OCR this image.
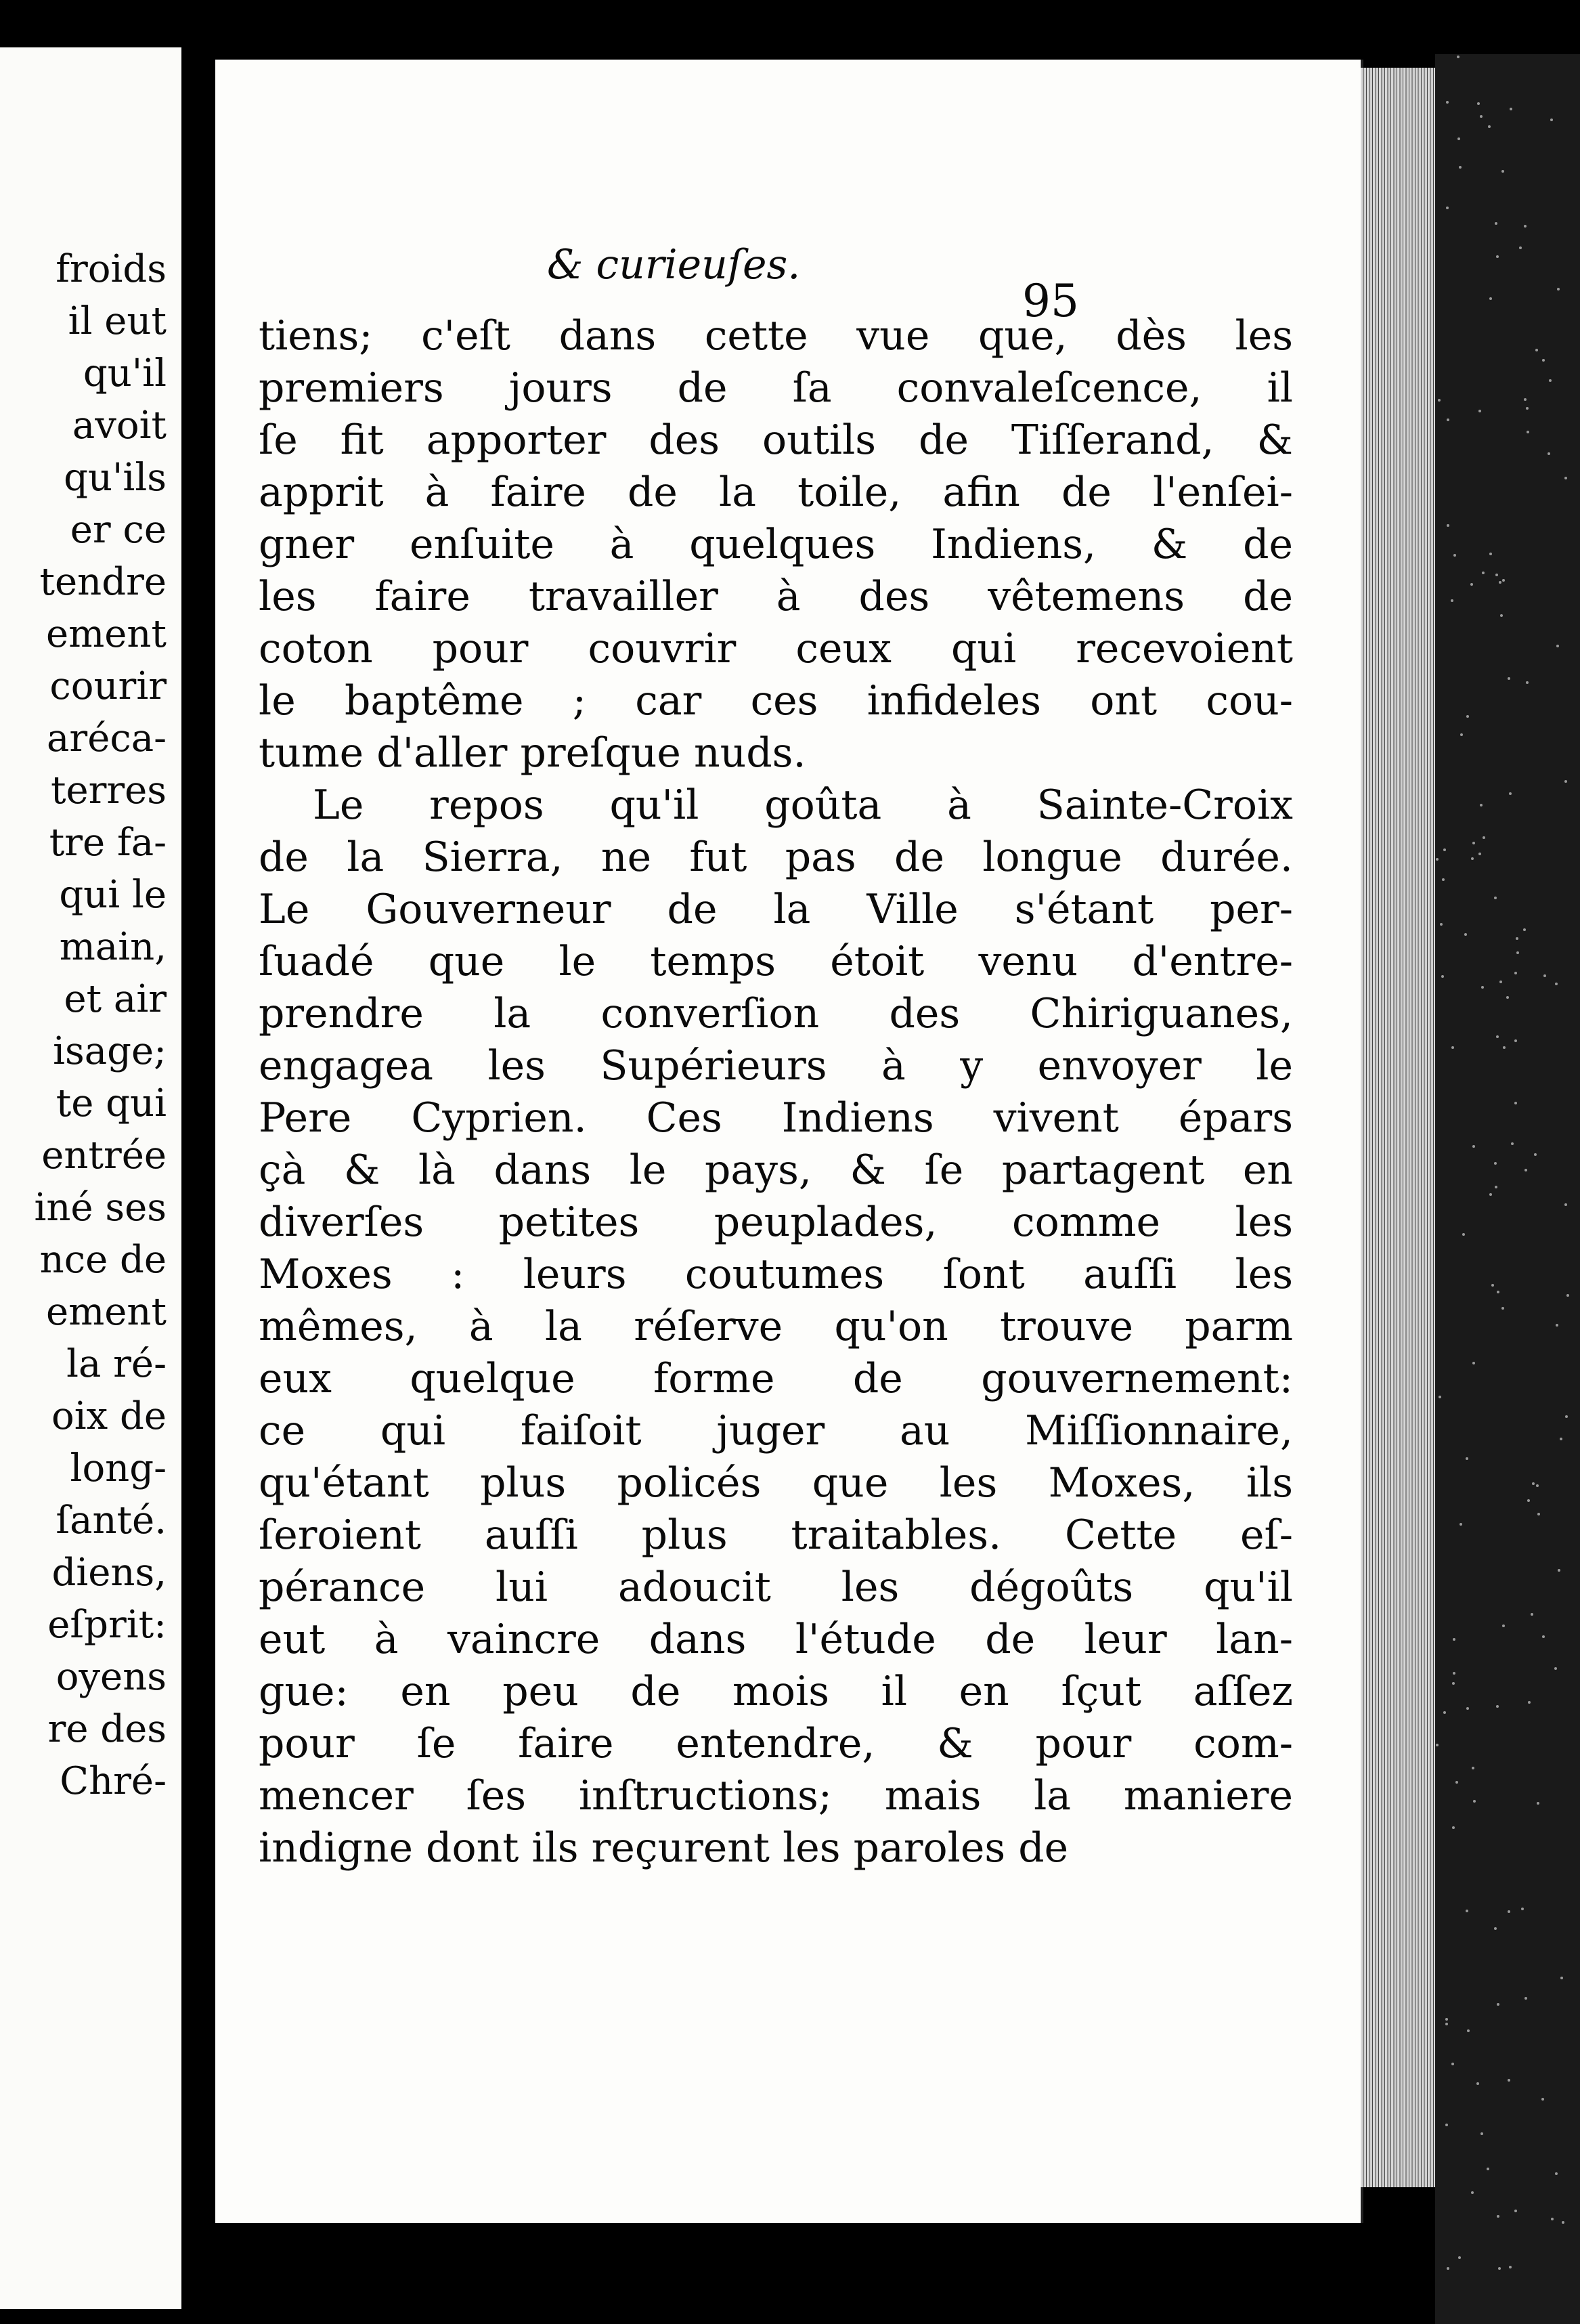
froids
il eut
qu'il
avoit
qu'ils
er ce
tendre
ement
courir
aréca-
terres
tre fa-
qui le
main,
et air
isage;
te qui
entrée
iné ses
nce de
ement
la ré-
oix de
long-
ſanté.
diens,
eſprit:
oyens
re des
Chré-
& curieuſes.
95
tiens; c'eſt dans cette vue que, dès les
premiers jours de ſa convaleſcence, il
ſe fit apporter des outils de Tiſſerand, &
apprit à faire de la toile, afin de l'enſei-
gner enſuite à quelques Indiens, & de
les faire travailler à des vêtemens de
coton pour couvrir ceux qui recevoient
le baptême ; car ces infideles ont cou-
tume d'aller preſque nuds.
Le repos qu'il goûta à Sainte-Croix
de la Sierra, ne fut pas de longue durée.
Le Gouverneur de la Ville s'étant per-
ſuadé que le temps étoit venu d'entre-
prendre la converſion des Chiriguanes,
engagea les Supérieurs à y envoyer le
Pere Cyprien. Ces Indiens vivent épars
çà & là dans le pays, & ſe partagent en
diverſes petites peuplades, comme les
Moxes : leurs coutumes ſont auſſi les
mêmes, à la réſerve qu'on trouve parm
eux quelque forme de gouvernement:
ce qui faiſoit juger au Miſſionnaire,
qu'étant plus policés que les Moxes, ils
ſeroient auſſi plus traitables. Cette eſ-
pérance lui adoucit les dégoûts qu'il
eut à vaincre dans l'étude de leur lan-
gue: en peu de mois il en ſçut aſſez
pour ſe faire entendre, & pour com-
mencer ſes inſtructions; mais la maniere
indigne dont ils reçurent les paroles de
